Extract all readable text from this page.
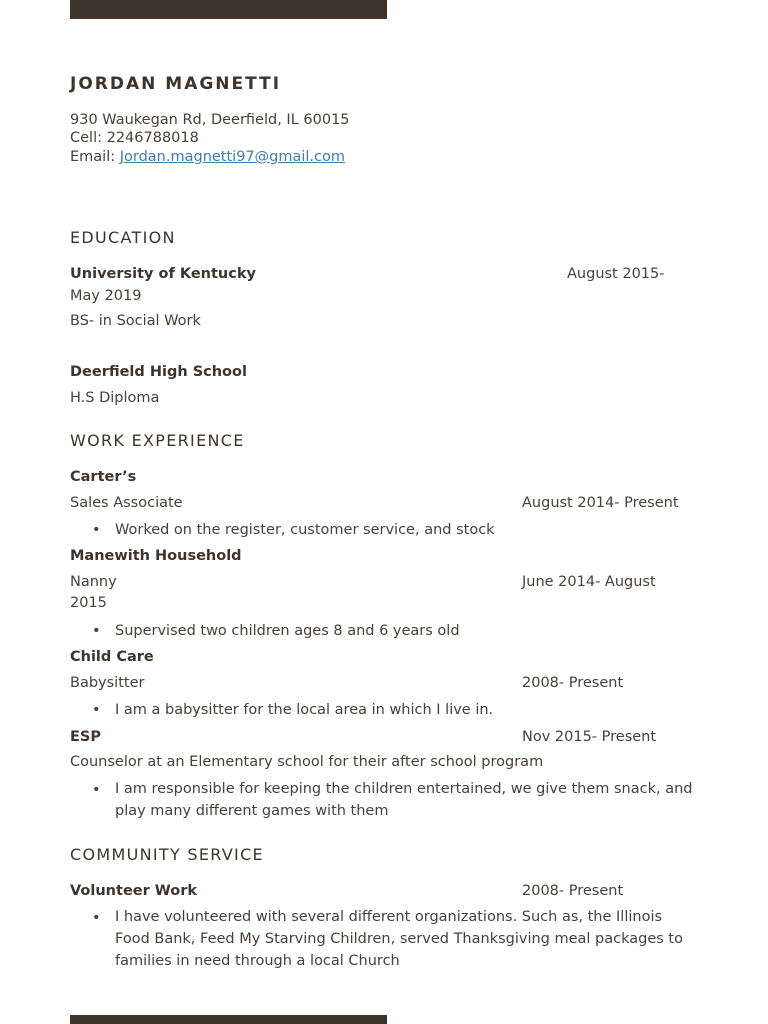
JORDAN MAGNETTI
930 Waukegan Rd, Deerfield, IL 60015
Cell: 2246788018
Email: Jordan.magnetti97@gmail.com
EDUCATION
University of Kentucky	August 2015-
May 2019
BS- in Social Work
Deerfield High School
H.S Diploma
WORK EXPERIENCE
Carter’s
Sales Associate	August 2014- Present
• Worked on the register, customer service, and stock
Manewith Household
Nanny	June 2014- August
2015
• Supervised two children ages 8 and 6 years old
Child Care
Babysitter	2008- Present
• I am a babysitter for the local area in which I live in.
ESP	Nov 2015- Present
Counselor at an Elementary school for their after school program
• I am responsible for keeping the children entertained, we give them snack, and play many different games with them
COMMUNITY SERVICE
Volunteer Work	2008- Present
• I have volunteered with several different organizations. Such as, the Illinois Food Bank, Feed My Starving Children, served Thanksgiving meal packages to families in need through a local Church
